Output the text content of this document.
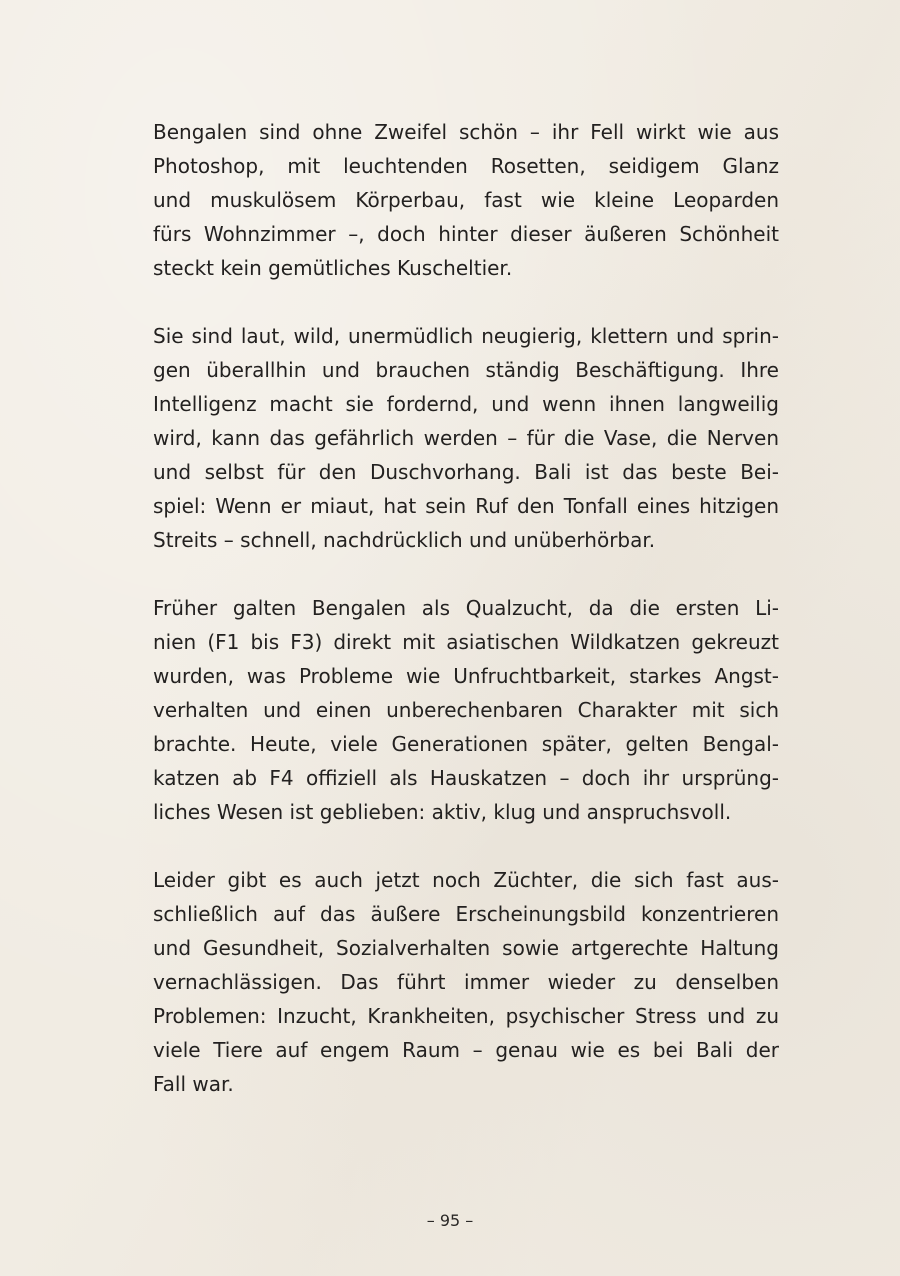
Bengalen sind ohne Zweifel schön – ihr Fell wirkt wie aus
Photoshop, mit leuchtenden Rosetten, seidigem Glanz
und muskulösem Körperbau, fast wie kleine Leoparden
fürs Wohnzimmer –, doch hinter dieser äußeren Schönheit
steckt kein gemütliches Kuscheltier.

Sie sind laut, wild, unermüdlich neugierig, klettern und sprin-
gen überallhin und brauchen ständig Beschäftigung. Ihre
Intelligenz macht sie fordernd, und wenn ihnen langweilig
wird, kann das gefährlich werden – für die Vase, die Nerven
und selbst für den Duschvorhang. Bali ist das beste Bei-
spiel: Wenn er miaut, hat sein Ruf den Tonfall eines hitzigen
Streits – schnell, nachdrücklich und unüberhörbar.

Früher galten Bengalen als Qualzucht, da die ersten Li-
nien (F1 bis F3) direkt mit asiatischen Wildkatzen gekreuzt
wurden, was Probleme wie Unfruchtbarkeit, starkes Angst-
verhalten und einen unberechenbaren Charakter mit sich
brachte. Heute, viele Generationen später, gelten Bengal-
katzen ab F4 offiziell als Hauskatzen – doch ihr ursprüng-
liches Wesen ist geblieben: aktiv, klug und anspruchsvoll.

Leider gibt es auch jetzt noch Züchter, die sich fast aus-
schließlich auf das äußere Erscheinungsbild konzentrieren
und Gesundheit, Sozialverhalten sowie artgerechte Haltung
vernachlässigen. Das führt immer wieder zu denselben
Problemen: Inzucht, Krankheiten, psychischer Stress und zu
viele Tiere auf engem Raum – genau wie es bei Bali der
Fall war.

– 95 –
